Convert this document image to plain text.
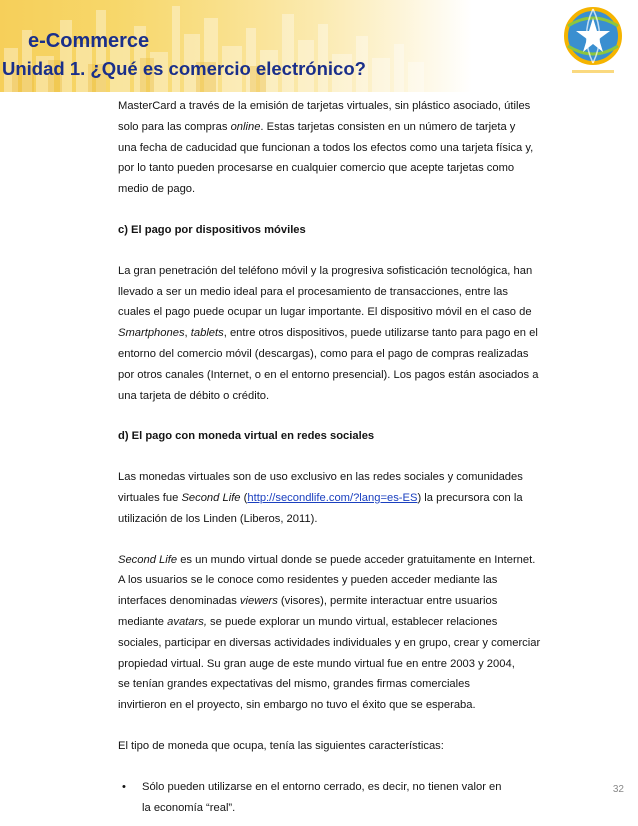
e-Commerce
Unidad 1. ¿Qué es comercio electrónico?

MasterCard a través de la emisión de tarjetas virtuales, sin plástico asociado, útiles

solo para las compras online. Estas tarjetas consisten en un número de tarjeta y

una fecha de caducidad que funcionan a todos los efectos como una tarjeta física y,

por lo tanto pueden procesarse en cualquier comercio que acepte tarjetas como

medio de pago.

c) El pago por dispositivos móviles

La gran penetración del teléfono móvil y la progresiva sofisticación tecnológica, han

llevado a ser un medio ideal para el procesamiento de transacciones, entre las

cuales el pago puede ocupar un lugar importante. El dispositivo móvil en el caso de

Smartphones, tablets, entre otros dispositivos, puede utilizarse tanto para pago en el

entorno del comercio móvil (descargas), como para el pago de compras realizadas

por otros canales (Internet, o en el entorno presencial). Los pagos están asociados a

una tarjeta de débito o crédito.

d) El pago con moneda virtual en redes sociales

Las monedas virtuales son de uso exclusivo en las redes sociales y comunidades

virtuales fue Second Life (http://secondlife.com/?lang=es-ES) la precursora con la

utilización de los Linden (Liberos, 2011).

Second Life es un mundo virtual donde se puede acceder gratuitamente en Internet.

A los usuarios se le conoce como residentes y pueden acceder mediante las

interfaces denominadas viewers (visores), permite interactuar entre usuarios

mediante avatars, se puede explorar un mundo virtual, establecer relaciones

sociales, participar en diversas actividades individuales y en grupo, crear y comerciar

propiedad virtual. Su gran auge de este mundo virtual fue en entre 2003 y 2004,

se tenían grandes expectativas del mismo, grandes firmas comerciales

invirtieron en el proyecto, sin embargo no tuvo el éxito que se esperaba.

El tipo de moneda que ocupa, tenía las siguientes características:

• Sólo pueden utilizarse en el entorno cerrado, es decir, no tienen valor en
la economía “real”.
32
